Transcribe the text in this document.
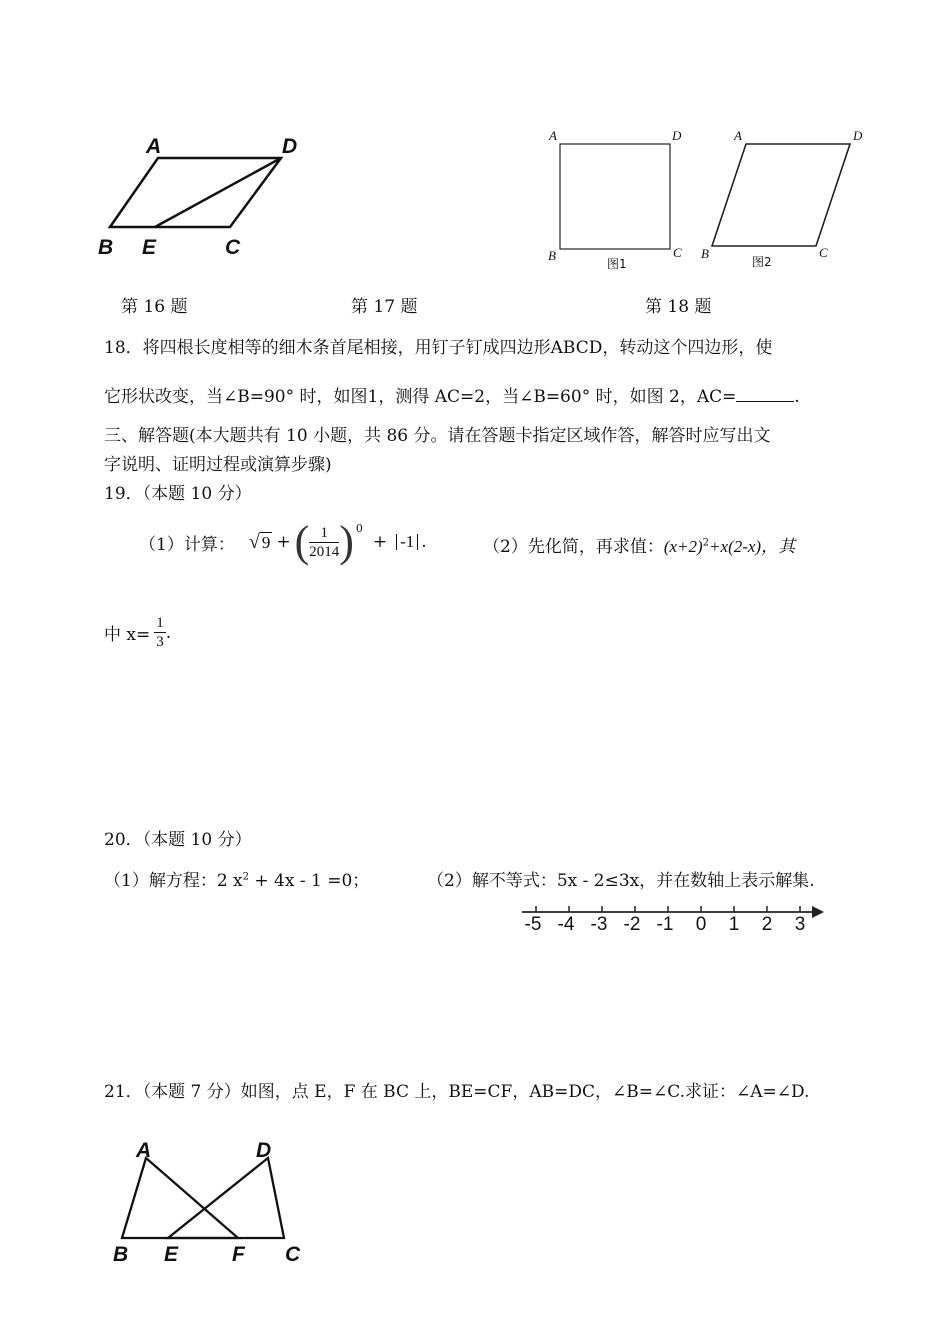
A	D
B E	C
A	D
B	C
图1
A	D
B	C
图2
第 16 题	第 17 题	第 18 题
18．将四根长度相等的细木条首尾相接，用钉子钉成四边形ABCD，转动这个四边形，使
它形状改变，当∠B=90° 时，如图1，测得 AC=2，当∠B=60° 时，如图 2，AC=	.
三、解答题(本大题共有 10 小题，共 86 分。请在答题卡指定区域作答，解答时应写出文
字说明、证明过程或演算步骤)
19．（本题 10 分）
（1）计算： √ 9 + ( $\frac{1}{2014} )^0$
+ -1 .	（2）先化简，再求值：$(x+2)^2+x(2-x)$，其
中 $x= \frac{1}{3}$ .
20．（本题 10 分）
（1）解方程：2 $x^2 + 4x - 1 =0$；	（2）解不等式：5x - 2≤3x，并在数轴上表示解集.
-5 -4 -3 -2 -1	0	1	2	3
21．（本题 7 分）如图，点 E，F 在 BC 上，BE=CF，AB=DC，∠B=∠C.求证：∠A=∠D.
A	D
B E	F C
